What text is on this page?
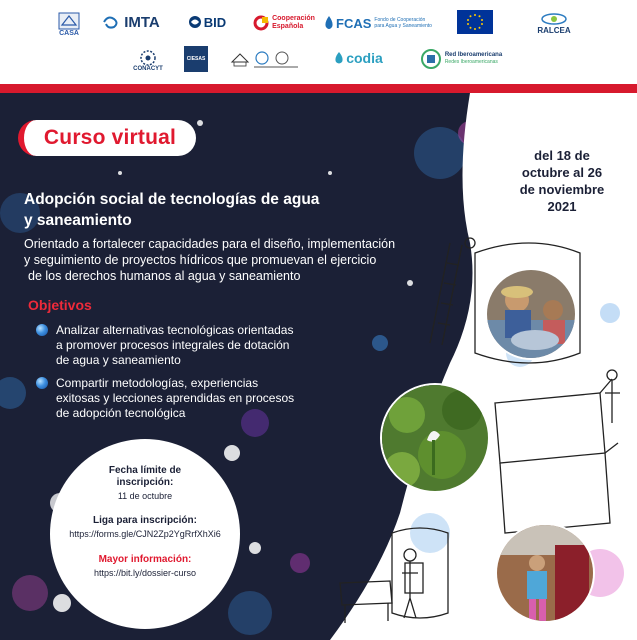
CASA
IMTA	BID	Cooperación
Española	FCAS Fondo de Cooperación
para Agua y Saneamiento	RALCEA
CONACYT
CIESAS	codia	Red Iberoamericana
Redes Iberoamericanas
Curso virtual
del 18 de
octubre al 26
de noviembre
2021
Adopción social de tecnologías de agua
y saneamiento
Orientado a fortalecer capacidades para el diseño, implementación
y seguimiento de proyectos hídricos que promuevan el ejercicio
de los derechos humanos al agua y saneamiento
Objetivos
Analizar alternativas tecnológicas orientadas
a promover procesos integrales de dotación
de agua y saneamiento
Compartir metodologías, experiencias
exitosas y lecciones aprendidas en procesos
de adopción tecnológica
Fecha límite de
inscripción:
11 de octubre
Liga para inscripción:
https://forms.gle/CJN2Zp2YgRrfXhXi6
Mayor información:
https://bit.ly/dossier-curso
